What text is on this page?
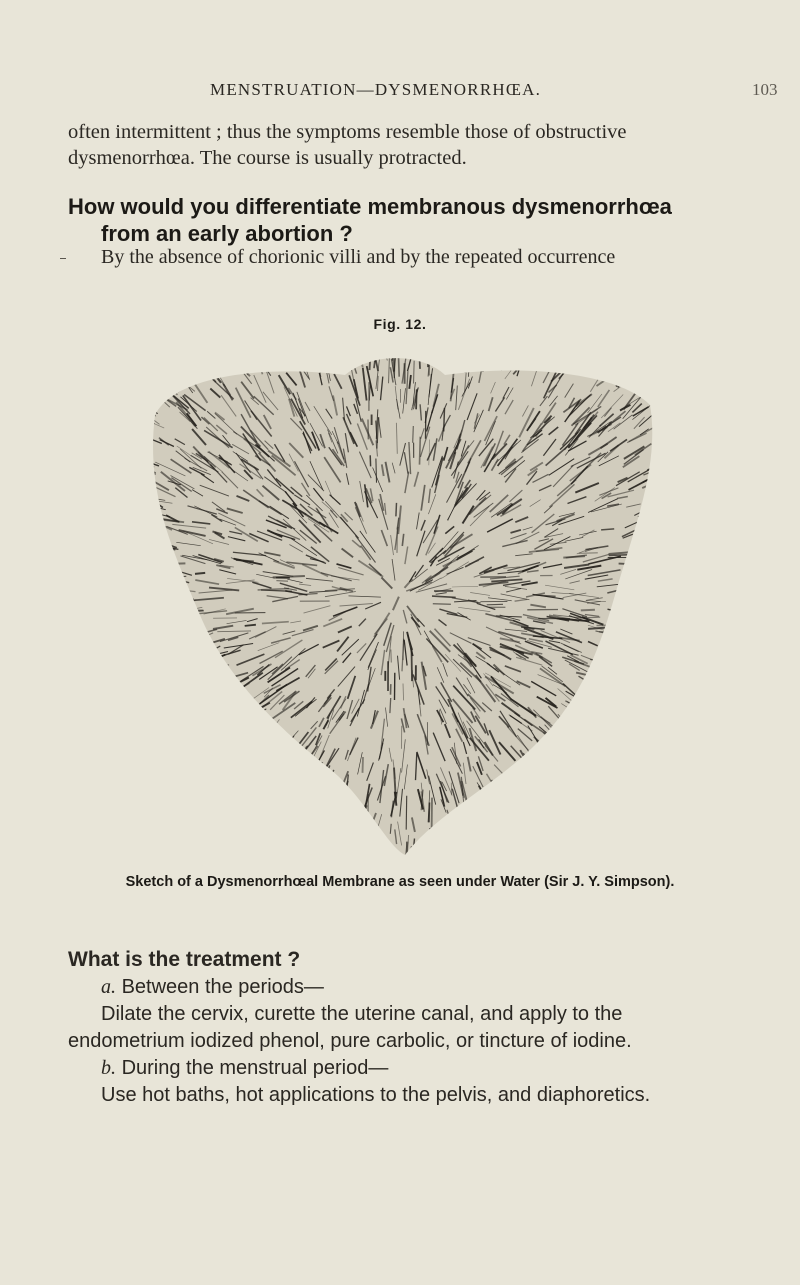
MENSTRUATION—DYSMENORRHŒA.	103
often intermittent ; thus the symptoms resemble those of obstructive
dysmenorrhœa. The course is usually protracted.
How would you differentiate membranous dysmenorrhœa
from an early abortion ?
By the absence of chorionic villi and by the repeated occurrence
Fig. 12.
Sketch of a Dysmenorrhœal Membrane as seen under Water (Sir J. Y. Simpson).
What is the treatment ?
a. Between the periods—
Dilate the cervix, curette the uterine canal, and apply to the
endometrium iodized phenol, pure carbolic, or tincture of iodine.
b. During the menstrual period—
Use hot baths, hot applications to the pelvis, and diaphoretics.
